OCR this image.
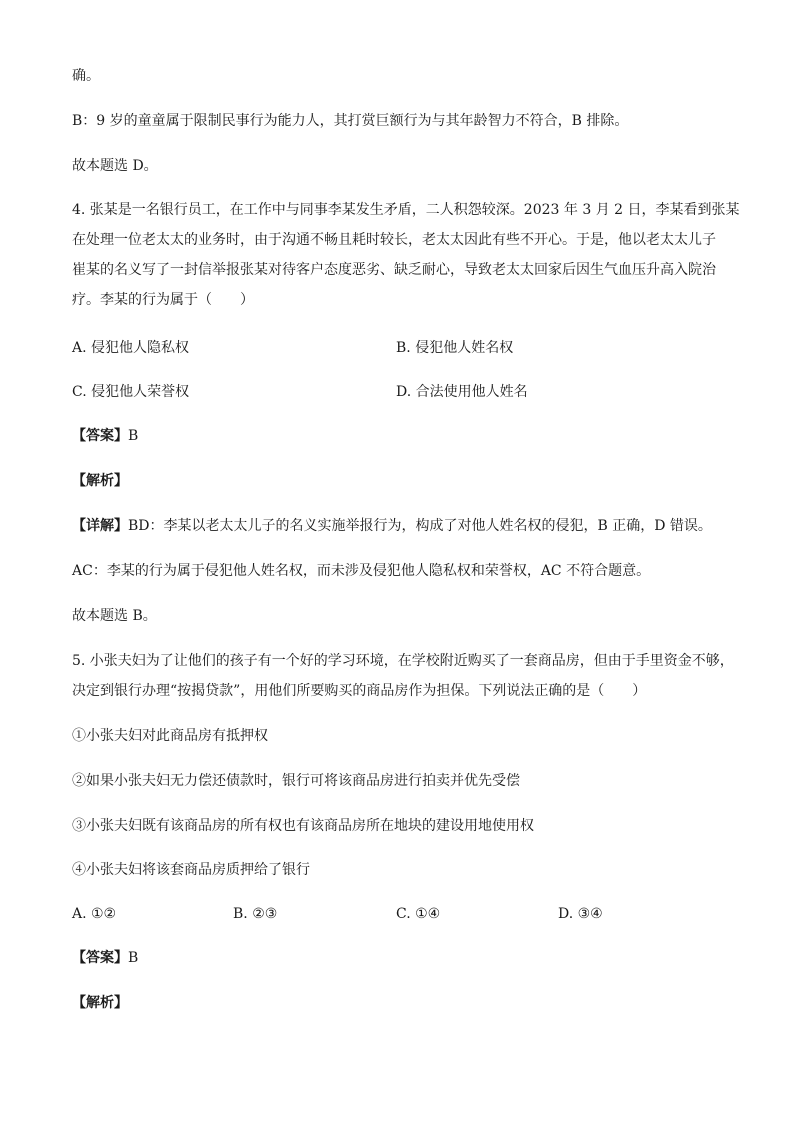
确。
B：9 岁的童童属于限制民事行为能力人，其打赏巨额行为与其年龄智力不符合，B 排除。
故本题选 D。
4. 张某是一名银行员工，在工作中与同事李某发生矛盾，二人积怨较深。2023 年 3 月 2 日，李某看到张某
在处理一位老太太的业务时，由于沟通不畅且耗时较长，老太太因此有些不开心。于是，他以老太太儿子
崔某的名义写了一封信举报张某对待客户态度恶劣、缺乏耐心，导致老太太回家后因生气血压升高入院治
疗。李某的行为属于（　　）
A. 侵犯他人隐私权	B. 侵犯他人姓名权
C. 侵犯他人荣誉权	D. 合法使用他人姓名
【答案】B
【解析】
【详解】BD：李某以老太太儿子的名义实施举报行为，构成了对他人姓名权的侵犯，B 正确，D 错误。
AC：李某的行为属于侵犯他人姓名权，而未涉及侵犯他人隐私权和荣誉权，AC 不符合题意。
故本题选 B。
5. 小张夫妇为了让他们的孩子有一个好的学习环境，在学校附近购买了一套商品房，但由于手里资金不够，
决定到银行办理“按揭贷款”，用他们所要购买的商品房作为担保。下列说法正确的是（　　）
①小张夫妇对此商品房有抵押权
②如果小张夫妇无力偿还债款时，银行可将该商品房进行拍卖并优先受偿
③小张夫妇既有该商品房的所有权也有该商品房所在地块的建设用地使用权
④小张夫妇将该套商品房质押给了银行
A. ①②	B. ②③	C. ①④	D. ③④
【答案】B
【解析】
